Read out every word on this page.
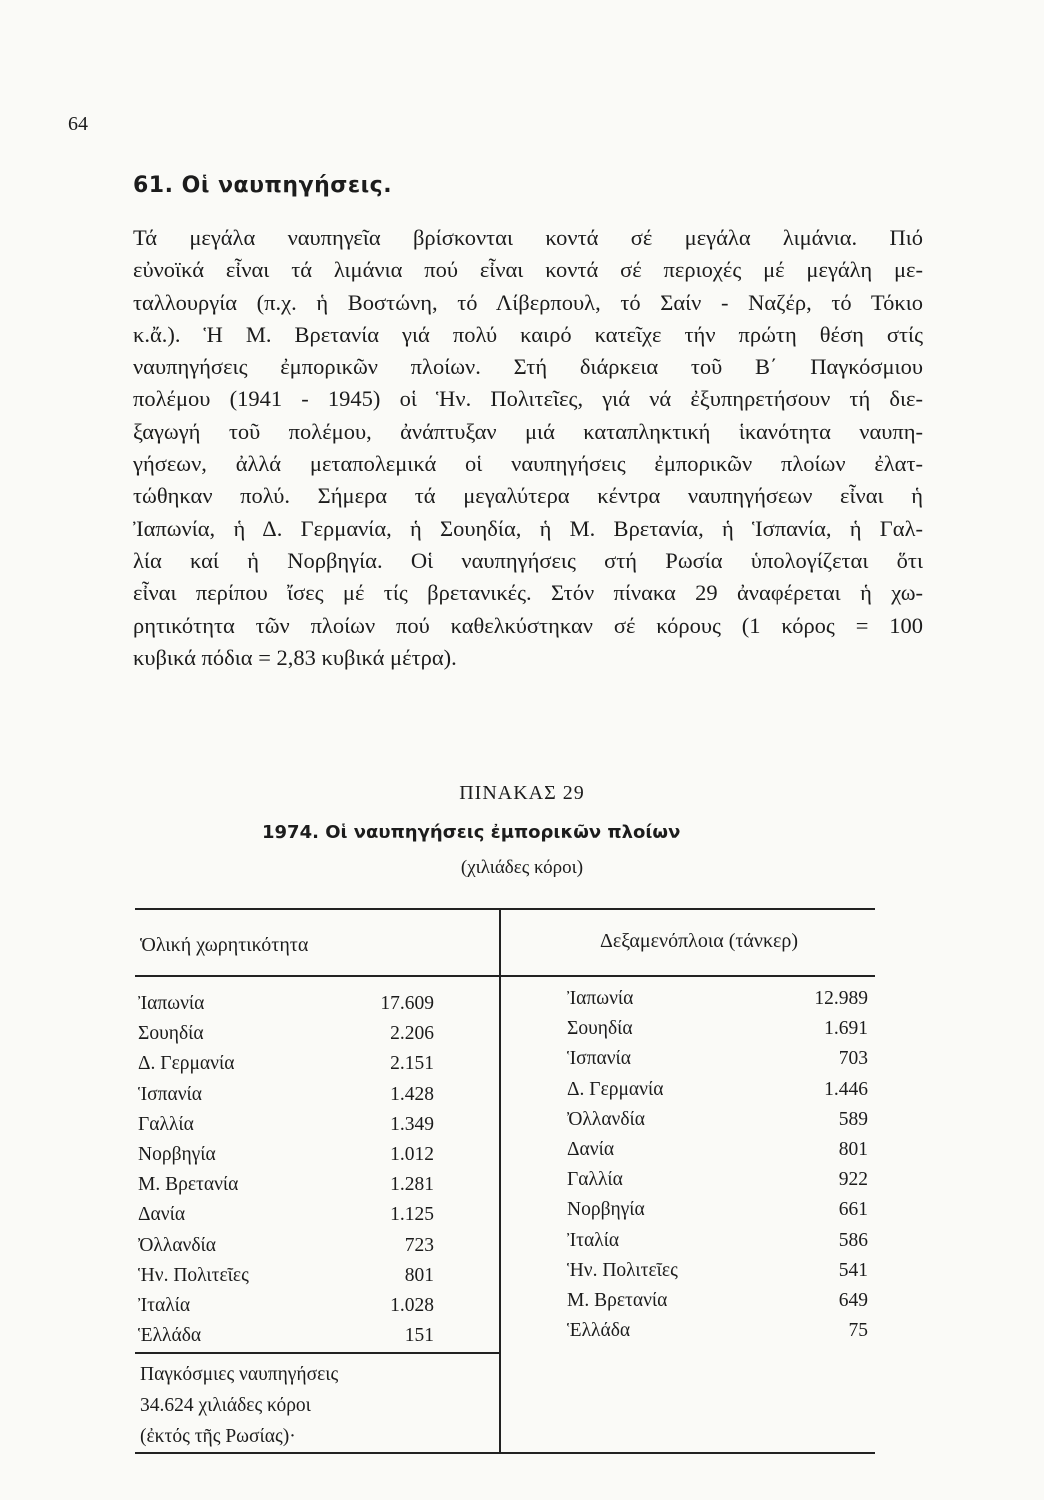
64
61. Οἱ ναυπηγήσεις.
Τά μεγάλα ναυπηγεῖα βρίσκονται κοντά σέ μεγάλα λιμάνια. Πιό
εὐνοϊκά εἶναι τά λιμάνια πού εἶναι κοντά σέ περιοχές μέ μεγάλη με-
ταλλουργία (π.χ. ἡ Βοστώνη, τό Λίβερπουλ, τό Σαίν - Ναζέρ, τό Τόκιο
κ.ἄ.). Ἡ Μ. Βρετανία γιά πολύ καιρό κατεῖχε τήν πρώτη θέση στίς
ναυπηγήσεις ἐμπορικῶν πλοίων. Στή διάρκεια τοῦ Β΄ Παγκόσμιου
πολέμου (1941 - 1945) οἱ Ἡν. Πολιτεῖες, γιά νά ἐξυπηρετήσουν τή διε-
ξαγωγή τοῦ πολέμου, ἀνάπτυξαν μιά καταπληκτική ἱκανότητα ναυπη-
γήσεων, ἀλλά μεταπολεμικά οἱ ναυπηγήσεις ἐμπορικῶν πλοίων ἐλατ-
τώθηκαν πολύ. Σήμερα τά μεγαλύτερα κέντρα ναυπηγήσεων εἶναι ἡ
Ἰαπωνία, ἡ Δ. Γερμανία, ἡ Σουηδία, ἡ Μ. Βρετανία, ἡ Ἱσπανία, ἡ Γαλ-
λία καί ἡ Νορβηγία. Οἱ ναυπηγήσεις στή Ρωσία ὑπολογίζεται ὅτι
εἶναι περίπου ἴσες μέ τίς βρετανικές. Στόν πίνακα 29 ἀναφέρεται ἡ χω-
ρητικότητα τῶν πλοίων πού καθελκύστηκαν σέ κόρους (1 κόρος = 100
κυβικά πόδια = 2,83 κυβικά μέτρα).
ΠΙΝΑΚΑΣ 29
1974. Οἱ ναυπηγήσεις ἐμπορικῶν πλοίων
(χιλιάδες κόροι)
Ὁλική χωρητικότητα	Δεξαμενόπλοια (τάνκερ)
Ἰαπωνία	17.609
Σουηδία	2.206
Δ. Γερμανία	2.151
Ἱσπανία	1.428
Γαλλία	1.349
Νορβηγία	1.012
Μ. Βρετανία	1.281
Δανία	1.125
Ὀλλανδία	723
Ἡν. Πολιτεῖες	801
Ἰταλία	1.028
Ἑλλάδα	151
Ἰαπωνία	12.989
Σουηδία	1.691
Ἱσπανία	703
Δ. Γερμανία	1.446
Ὀλλανδία	589
Δανία	801
Γαλλία	922
Νορβηγία	661
Ἰταλία	586
Ἡν. Πολιτεῖες	541
Μ. Βρετανία	649
Ἑλλάδα	75
Παγκόσμιες ναυπηγήσεις
34.624 χιλιάδες κόροι
(ἐκτός τῆς Ρωσίας)·
